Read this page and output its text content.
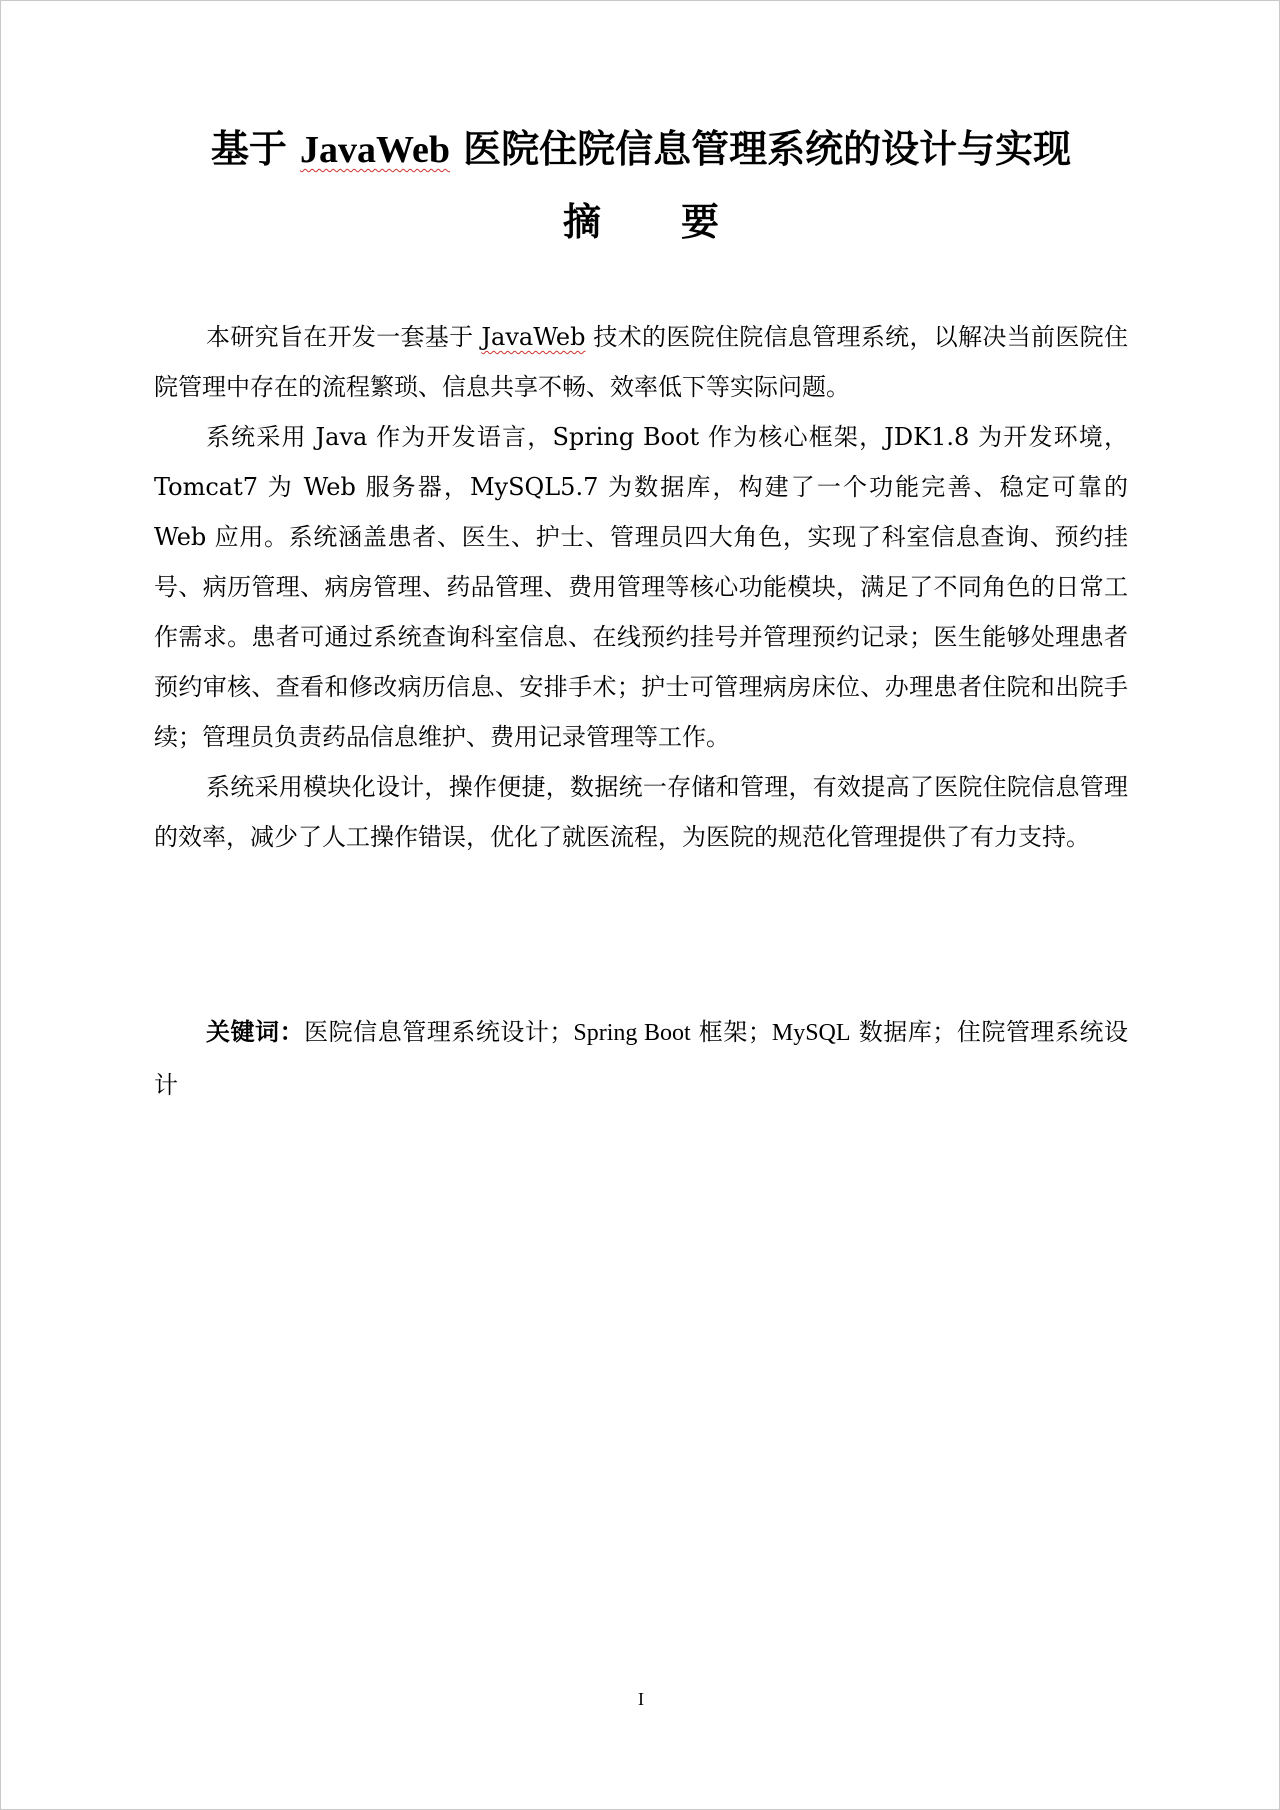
基于 JavaWeb 医院住院信息管理系统的设计与实现
摘要

本研究旨在开发一套基于 JavaWeb 技术的医院住院信息管理系统，以解决当前医院住院管理中存在的流程繁琐、信息共享不畅、效率低下等实际问题。

系统采用 Java 作为开发语言，Spring Boot 作为核心框架，JDK1.8 为开发环境，Tomcat7 为 Web 服务器，MySQL5.7 为数据库，构建了一个功能完善、稳定可靠的 Web 应用。系统涵盖患者、医生、护士、管理员四大角色，实现了科室信息查询、预约挂号、病历管理、病房管理、药品管理、费用管理等核心功能模块，满足了不同角色的日常工作需求。患者可通过系统查询科室信息、在线预约挂号并管理预约记录；医生能够处理患者预约审核、查看和修改病历信息、安排手术；护士可管理病房床位、办理患者住院和出院手续；管理员负责药品信息维护、费用记录管理等工作。

系统采用模块化设计，操作便捷，数据统一存储和管理，有效提高了医院住院信息管理的效率，减少了人工操作错误，优化了就医流程，为医院的规范化管理提供了有力支持。

关键词：医院信息管理系统设计；Spring Boot 框架；MySQL 数据库；住院管理系统设计
I
